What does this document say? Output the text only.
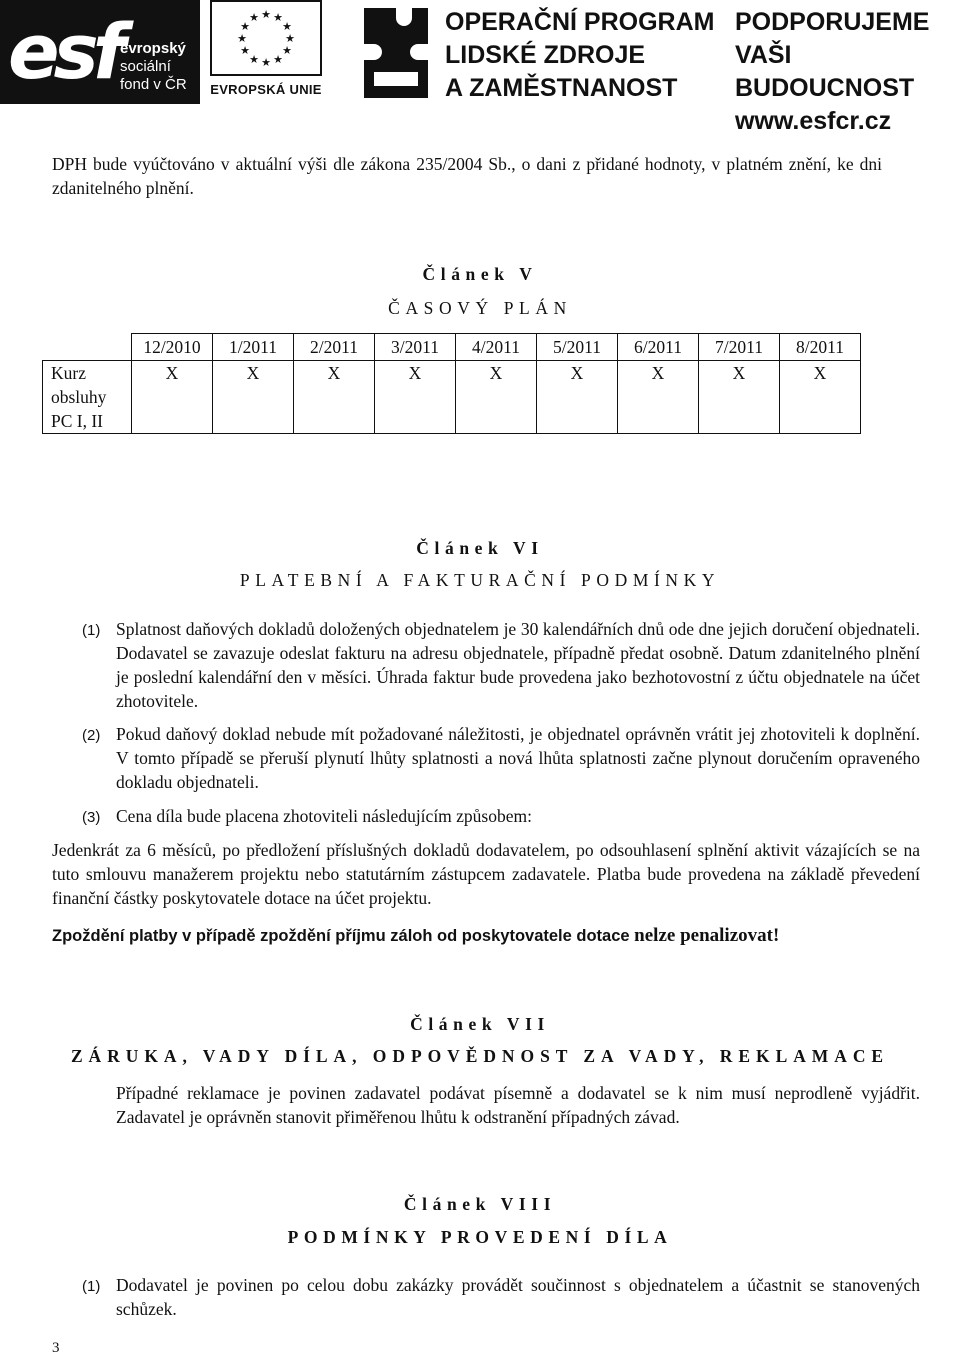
esf evropský
sociální
fond v ČR
★ ★
★
★
★
★
★
★
★
★
★
★
EVROPSKÁ UNIE
OPERAČNÍ PROGRAM
LIDSKÉ ZDROJE
A ZAMĚSTNANOST
PODPORUJEME
VAŠI BUDOUCNOST
www.esfcr.cz
DPH bude vyúčtováno v aktuální výši dle zákona 235/2004 Sb., o dani z přidané hodnoty, v platném znění, ke dni zdanitelného plnění.
Článek V
ČASOVÝ PLÁN
	12/2010	1/2011	2/2011	3/2011	4/2011	5/2011	6/2011	7/2011	8/2011
Kurz obsluhy PC I, II	X	X	X	X	X	X	X	X	X
Článek VI
PLATEBNÍ A FAKTURAČNÍ PODMÍNKY
(1) Splatnost daňových dokladů doložených objednatelem je 30 kalendářních dnů ode dne jejich doručení objednateli. Dodavatel se zavazuje odeslat fakturu na adresu objednatele, případně předat osobně. Datum zdanitelného plnění je poslední kalendářní den v měsíci. Úhrada faktur bude provedena jako bezhotovostní z účtu objednatele na účet zhotovitele.
(2) Pokud daňový doklad nebude mít požadované náležitosti, je objednatel oprávněn vrátit jej zhotoviteli k doplnění. V tomto případě se přeruší plynutí lhůty splatnosti a nová lhůta splatnosti začne plynout doručením opraveného dokladu objednateli.
(3) Cena díla bude placena zhotoviteli následujícím způsobem:
Jedenkrát za 6 měsíců, po předložení příslušných dokladů dodavatelem, po odsouhlasení splnění aktivit vázajících se na tuto smlouvu manažerem projektu nebo statutárním zástupcem zadavatele. Platba bude provedena na základě převedení finanční částky poskytovatele dotace na účet projektu.
Zpoždění platby v případě zpoždění příjmu záloh od poskytovatele dotace nelze penalizovat!
Článek VII
ZÁRUKA, VADY DÍLA, ODPOVĚDNOST ZA VADY, REKLAMACE
Případné reklamace je povinen zadavatel podávat písemně a dodavatel se k nim musí neprodleně vyjádřit. Zadavatel je oprávněn stanovit přiměřenou lhůtu k odstranění případných závad.
Článek VIII
PODMÍNKY PROVEDENÍ DÍLA
(1) Dodavatel je povinen po celou dobu zakázky provádět součinnost s objednatelem a účastnit se stanovených schůzek.
3
